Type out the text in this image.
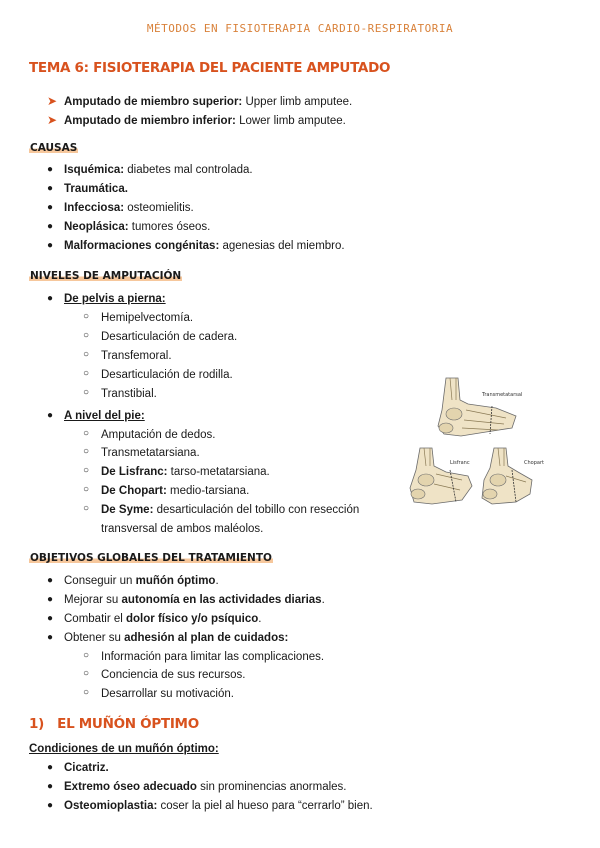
MÉTODOS EN FISIOTERAPIA CARDIO-RESPIRATORIA
TEMA 6: FISIOTERAPIA DEL PACIENTE AMPUTADO
➤ Amputado de miembro superior: Upper limb amputee.
➤ Amputado de miembro inferior: Lower limb amputee.
CAUSAS
● Isquémica: diabetes mal controlada.
● Traumática.
● Infecciosa: osteomielitis.
● Neoplásica: tumores óseos.
● Malformaciones congénitas: agenesias del miembro.
NIVELES DE AMPUTACIÓN
● De pelvis a pierna:
○ Hemipelvectomía.
○ Desarticulación de cadera.
○ Transfemoral.
○ Desarticulación de rodilla.
○ Transtibial.
● A nivel del pie:
○ Amputación de dedos.
○ Transmetatarsiana.
○ De Lisfranc: tarso-metatarsiana.
○ De Chopart: medio-tarsiana.
○ De Syme: desarticulación del tobillo con resección
transversal de ambos maléolos.
Transmetatarsal
Lisfranc	Chopart
OBJETIVOS GLOBALES DEL TRATAMIENTO
● Conseguir un muñón óptimo.
● Mejorar su autonomía en las actividades diarias.
● Combatir el dolor físico y/o psíquico.
● Obtener su adhesión al plan de cuidados:
○ Información para limitar las complicaciones.
○ Conciencia de sus recursos.
○ Desarrollar su motivación.
1)   EL MUÑÓN ÓPTIMO
Condiciones de un muñón óptimo:
● Cicatriz.
● Extremo óseo adecuado sin prominencias anormales.
● Osteomioplastia: coser la piel al hueso para “cerrarlo” bien.
